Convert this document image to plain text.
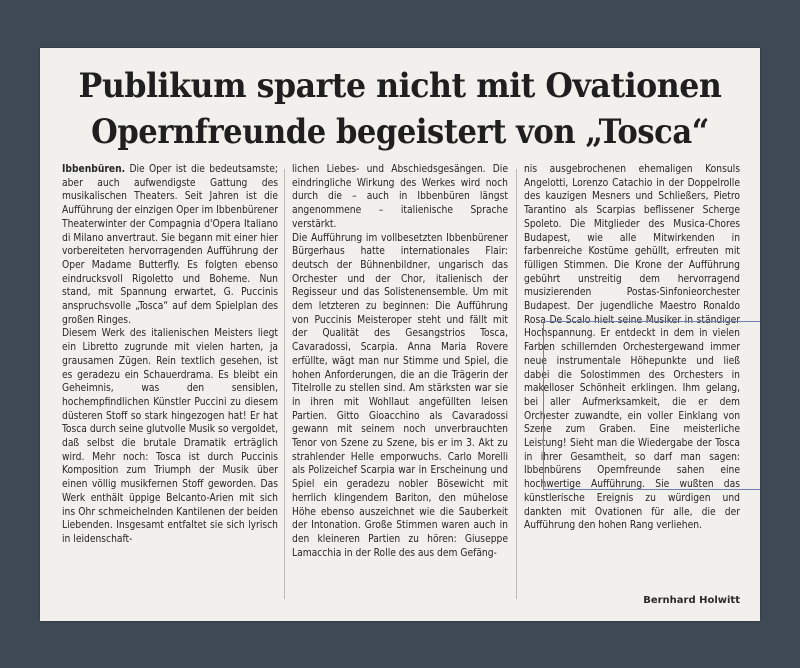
Publikum sparte nicht mit Ovationen
Opernfreunde begeistert von „Tosca“

Ibbenbüren. Die Oper ist die bedeutsamste; aber auch aufwendigste Gattung des musikalischen Theaters. Seit Jahren ist die Aufführung der einzigen Oper im Ibbenbürener Theaterwinter der Compagnia d'Opera Italiano di Milano anvertraut. Sie begann mit einer hier vorbereiteten hervorragenden Aufführung der Oper Madame Butterfly. Es folgten ebenso eindrucksvoll Rigoletto und Boheme. Nun stand, mit Spannung erwartet, G. Puccinis anspruchsvolle „Tosca“ auf dem Spielplan des großen Ringes.

Diesem Werk des italienischen Meisters liegt ein Libretto zugrunde mit vielen harten, ja grausamen Zügen. Rein textlich gesehen, ist es geradezu ein Schauerdrama. Es bleibt ein Geheimnis, was den sensiblen, hochempfindlichen Künstler Puccini zu diesem düsteren Stoff so stark hingezogen hat! Er hat Tosca durch seine glutvolle Musik so vergoldet, daß selbst die brutale Dramatik erträglich wird. Mehr noch: Tosca ist durch Puccinis Komposition zum Triumph der Musik über einen völlig musikfernen Stoff geworden. Das Werk enthält üppige Belcanto-Arien mit sich ins Ohr schmeichelnden Kantilenen der beiden Liebenden. Insgesamt entfaltet sie sich lyrisch in leidenschaft-

lichen Liebes- und Abschiedsgesängen. Die eindringliche Wirkung des Werkes wird noch durch die – auch in Ibbenbüren längst angenommene – italienische Sprache verstärkt.

Die Aufführung im vollbesetzten Ibbenbürener Bürgerhaus hatte internationales Flair: deutsch der Bühnenbildner, ungarisch das Orchester und der Chor, italienisch der Regisseur und das Solistenensemble. Um mit dem letzteren zu beginnen: Die Aufführung von Puccinis Meisteroper steht und fällt mit der Qualität des Gesangstrios Tosca, Cavaradossi, Scarpia. Anna Maria Rovere erfüllte, wägt man nur Stimme und Spiel, die hohen Anforderungen, die an die Trägerin der Titelrolle zu stellen sind. Am stärksten war sie in ihren mit Wohllaut angefüllten leisen Partien. Gitto Gioacchino als Cavaradossi gewann mit seinem noch unverbrauchten Tenor von Szene zu Szene, bis er im 3. Akt zu strahlender Helle emporwuchs. Carlo Morelli als Polizeichef Scarpia war in Erscheinung und Spiel ein geradezu nobler Bösewicht mit herrlich klingendem Bariton, den mühelose Höhe ebenso auszeichnet wie die Sauberkeit der Intonation. Große Stimmen waren auch in den kleineren Partien zu hören: Giuseppe Lamacchia in der Rolle des aus dem Gefäng-

nis ausgebrochenen ehemaligen Konsuls Angelotti, Lorenzo Catachio in der Doppelrolle des kauzigen Mesners und Schließers, Pietro Tarantino als Scarpias beflissener Scherge Spoleto. Die Mitglieder des Musica-Chores Budapest, wie alle Mitwirkenden in farbenreiche Kostüme gehüllt, erfreuten mit fülligen Stimmen. Die Krone der Aufführung gebührt unstreitig dem hervorragend musizierenden Postas-Sinfonieorchester Budapest. Der jugendliche Maestro Ronaldo Rosa De Scalo hielt seine Musiker in ständiger Hochspannung. Er entdeckt in dem in vielen Farben schillernden Orchestergewand immer neue instrumentale Höhepunkte und ließ dabei die Solostimmen des Orchesters in makelloser Schönheit erklingen. Ihm gelang, bei aller Aufmerksamkeit, die er dem Orchester zuwandte, ein voller Einklang von Szene zum Graben. Eine meisterliche Leistung! Sieht man die Wiedergabe der Tosca in ihrer Gesamtheit, so darf man sagen: Ibbenbürens Opernfreunde sahen eine hochwertige Aufführung. Sie wußten das künstlerische Ereignis zu würdigen und dankten mit Ovationen für alle, die der Aufführung den hohen Rang verliehen.

Bernhard Holwitt
